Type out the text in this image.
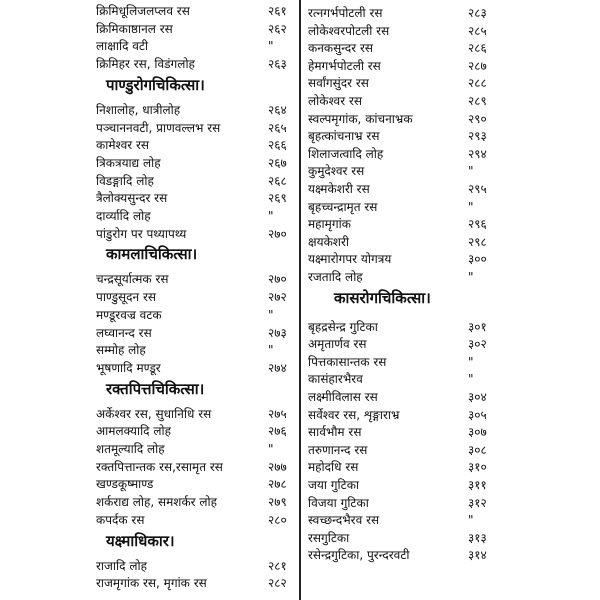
क्रिमिधूलिजलप्लव रस	२६१
क्रिमिकाष्ठानल रस	२६२
लाक्षादि वटी	"
क्रिमिहर रस, विडंगलोह	२६३
पाण्डुरोगचिकित्सा।
निशालोह, धात्रीलोह	२६४
पञ्चाननवटी, प्राणवल्लभ रस	२६५
कामेश्वर रस	२६६
त्रिकत्रयाद्य लोह	२६७
विडङ्गादि लोह	२६८
त्रैलोक्यसुन्दर रस	२६९
दार्व्यादि लोह	"
पांडुरोग पर पथ्यापथ्य	२७०
कामलाचिकित्सा।
चन्द्रसूर्यात्मक रस	२७०
पाण्डुसूदन रस	२७२
मण्डूरवज्र वटक	"
लघ्वानन्द रस	२७३
सम्मोह लोह	"
भूषणादि मण्डूर	२७४
रक्तपित्तचिकित्सा।
अर्केश्वर रस, सुधानिधि रस	२७५
आमलक्यादि लोह	२७६
शतमूल्यादि लोह	"
रक्तपित्तान्तक रस,रसामृत रस	२७७
खण्डकूष्माण्ड	२७८
शर्कराद्य लोह, समशर्कर लोह	२७९
कपर्दक रस	२८०
यक्ष्माधिकार।
राजादि लोह	२८१
राजमृगांक रस, मृगांक रस	२८२
रत्नगर्भपोटली रस	२८३
लोकेश्वरपोटली रस	२८५
कनकसुन्दर रस	२८६
हेमगर्भपोटली रस	२८७
सर्वांगसुंदर रस	२८८
लोकेश्वर रस	२८९
स्वल्पमृगांक, कांचनाभ्रक	२९०
बृहत्कांचनाभ्र रस	२९३
शिलाजत्वादि लोह	२९४
कुमुदेश्वर रस	"
यक्ष्मकेशरी रस	२९५
बृहच्चन्द्रामृत रस	"
महामृगांक	२९६
क्षयकेशरी	२९८
यक्ष्मारोगपर योगत्रय	३००
रजतादि लोह	"
कासरोगचिकित्सा।
बृहद्रसेन्द्र गुटिका	३०१
अमृतार्णव रस	३०२
पित्तकासान्तक रस	"
कासंहारभैरव	"
लक्ष्मीविलास रस	३०४
सर्वेश्वर रस, शृङ्गाराभ्र	३०५
सार्वभौम रस	३०७
तरुणानन्द रस	३०८
महोदधि रस	३१०
जया गुटिका	३११
विजया गुटिका	३१२
स्वच्छन्दभैरव रस	"
रसगुटिका	३१३
रसेन्द्रगुटिका, पुरन्दरवटी	३१४
